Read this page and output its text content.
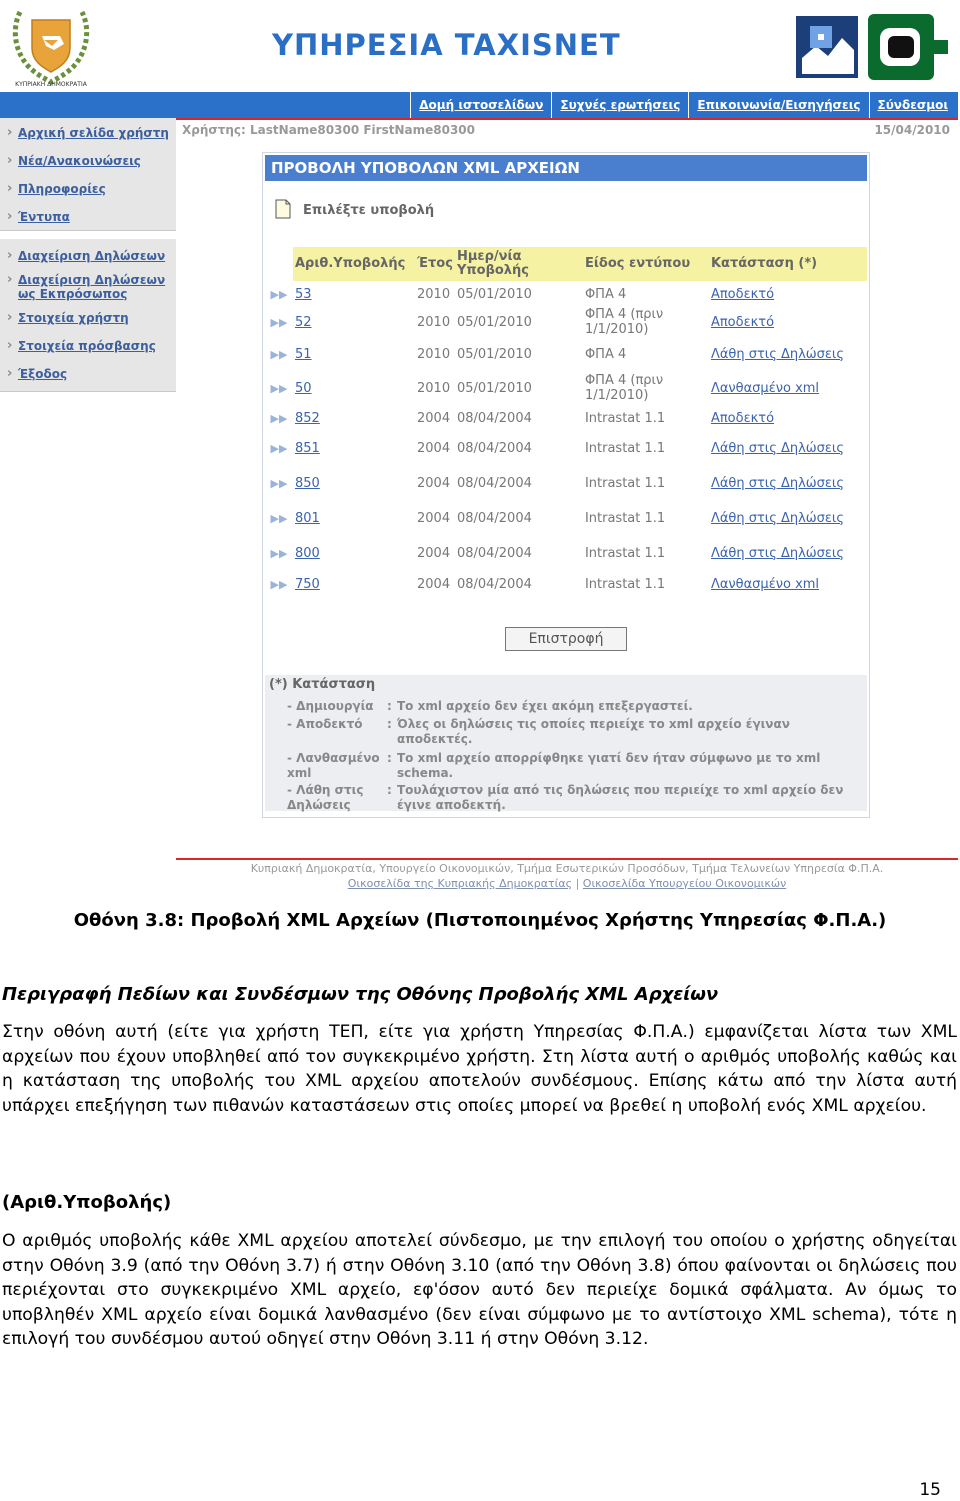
ΚΥΠΡΙΑΚΗ ΔΗΜΟΚΡΑΤΙΑ
ΥΠΗΡΕΣΙΑ TAXISNET
Δομή ιστοσελίδων	Συχνές ερωτήσεις	Επικοινωνία/Εισηγήσεις	Σύνδεσμοι
› Αρχική σελίδα χρήστη
› Νέα/Ανακοινώσεις
› Πληροφορίες
› Έντυπα
› Διαχείριση Δηλώσεων
› Διαχείριση Δηλώσεων ως Εκπρόσωπος
› Στοιχεία χρήστη
› Στοιχεία πρόσβασης
› Έξοδος
Χρήστης: LastName80300 FirstName80300	15/04/2010
ΠΡΟΒΟΛΗ ΥΠΟΒΟΛΩΝ XML ΑΡΧΕΙΩΝ
Επιλέξτε υποβολή
	Αριθ.Υποβολής	Έτος	Ημερ/νία Υποβολής	Είδος εντύπου	Κατάσταση (*)
▶▶	53	2010	05/01/2010	ΦΠΑ 4	Αποδεκτό
▶▶	52	2010	05/01/2010	ΦΠΑ 4 (πριν 1/1/2010)	Αποδεκτό
▶▶	51	2010	05/01/2010	ΦΠΑ 4	Λάθη στις Δηλώσεις
▶▶	50	2010	05/01/2010	ΦΠΑ 4 (πριν 1/1/2010)	Λανθασμένο xml
▶▶	852	2004	08/04/2004	Intrastat 1.1	Αποδεκτό
▶▶	851	2004	08/04/2004	Intrastat 1.1	Λάθη στις Δηλώσεις
▶▶	850	2004	08/04/2004	Intrastat 1.1	Λάθη στις Δηλώσεις
▶▶	801	2004	08/04/2004	Intrastat 1.1	Λάθη στις Δηλώσεις
▶▶	800	2004	08/04/2004	Intrastat 1.1	Λάθη στις Δηλώσεις
▶▶	750	2004	08/04/2004	Intrastat 1.1	Λανθασμένο xml
Επιστροφή
(*) Κατάσταση
- Δημιουργία	: Το xml αρχείο δεν έχει ακόμη επεξεργαστεί.
- Αποδεκτό	: Όλες οι δηλώσεις τις οποίες περιείχε το xml αρχείο έγιναν αποδεκτές.
- Λανθασμένο xml
: Το xml αρχείο απορρίφθηκε γιατί δεν ήταν σύμφωνο με το xml schema.
- Λάθη στις Δηλώσεις
: Τουλάχιστον μία από τις δηλώσεις που περιείχε το xml αρχείο δεν έγινε αποδεκτή.
Κυπριακή Δημοκρατία, Υπουργείο Οικονομικών, Τμήμα Εσωτερικών Προσόδων, Τμήμα Τελωνείων Υπηρεσία Φ.Π.Α.
Οικοσελίδα της Κυπριακής Δημοκρατίας | Οικοσελίδα Υπουργείου Οικονομικών
Οθόνη 3.8: Προβολή XML Αρχείων (Πιστοποιημένος Χρήστης Υπηρεσίας Φ.Π.Α.)
Περιγραφή Πεδίων και Συνδέσμων της Οθόνης Προβολής XML Αρχείων
Στην οθόνη αυτή (είτε για χρήστη ΤΕΠ, είτε για χρήστη Υπηρεσίας Φ.Π.Α.) εμφανίζεται λίστα των XML αρχείων που έχουν υποβληθεί από τον συγκεκριμένο χρήστη. Στη λίστα αυτή ο αριθμός υποβολής καθώς και η κατάσταση της υποβολής του XML αρχείου αποτελούν συνδέσμους. Επίσης κάτω από την λίστα αυτή υπάρχει επεξήγηση των πιθανών καταστάσεων στις οποίες μπορεί να βρεθεί η υποβολή ενός XML αρχείου.
(Αριθ.Υποβολής)
Ο αριθμός υποβολής κάθε XML αρχείου αποτελεί σύνδεσμο, με την επιλογή του οποίου ο χρήστης οδηγείται στην Οθόνη 3.9 (από την Οθόνη 3.7) ή στην Οθόνη 3.10 (από την Οθόνη 3.8) όπου φαίνονται οι δηλώσεις που περιέχονται στο συγκεκριμένο XML αρχείο, εφ'όσον αυτό δεν περιείχε δομικά σφάλματα. Αν όμως το υποβληθέν XML αρχείο είναι δομικά λανθασμένο (δεν είναι σύμφωνο με το αντίστοιχο XML schema), τότε η επιλογή του συνδέσμου αυτού οδηγεί στην Οθόνη 3.11 ή στην Οθόνη 3.12.
15
